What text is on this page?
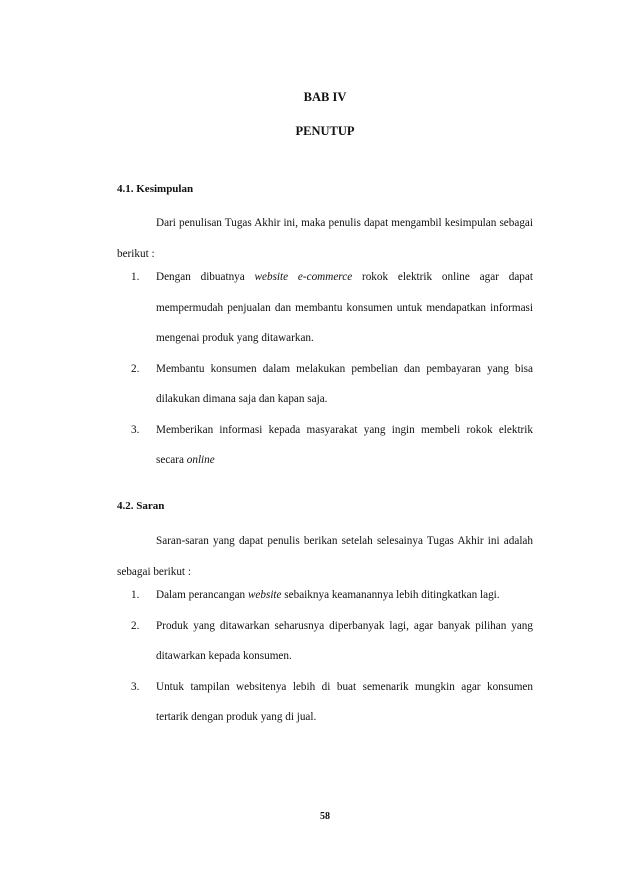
BAB IV
PENUTUP
4.1. Kesimpulan
Dari penulisan Tugas Akhir ini, maka penulis dapat mengambil kesimpulan sebagai berikut :
1. Dengan dibuatnya website e-commerce rokok elektrik online agar dapat mempermudah penjualan dan membantu konsumen untuk mendapatkan informasi mengenai produk yang ditawarkan.
2. Membantu konsumen dalam melakukan pembelian dan pembayaran yang bisa dilakukan dimana saja dan kapan saja.
3. Memberikan informasi kepada masyarakat yang ingin membeli rokok elektrik secara online
4.2. Saran
Saran-saran yang dapat penulis berikan setelah selesainya Tugas Akhir ini adalah sebagai berikut :
1. Dalam perancangan website sebaiknya keamanannya lebih ditingkatkan lagi.
2. Produk yang ditawarkan seharusnya diperbanyak lagi, agar banyak pilihan yang ditawarkan kepada konsumen.
3. Untuk tampilan websitenya lebih di buat semenarik mungkin agar konsumen tertarik dengan produk yang di jual.
58
